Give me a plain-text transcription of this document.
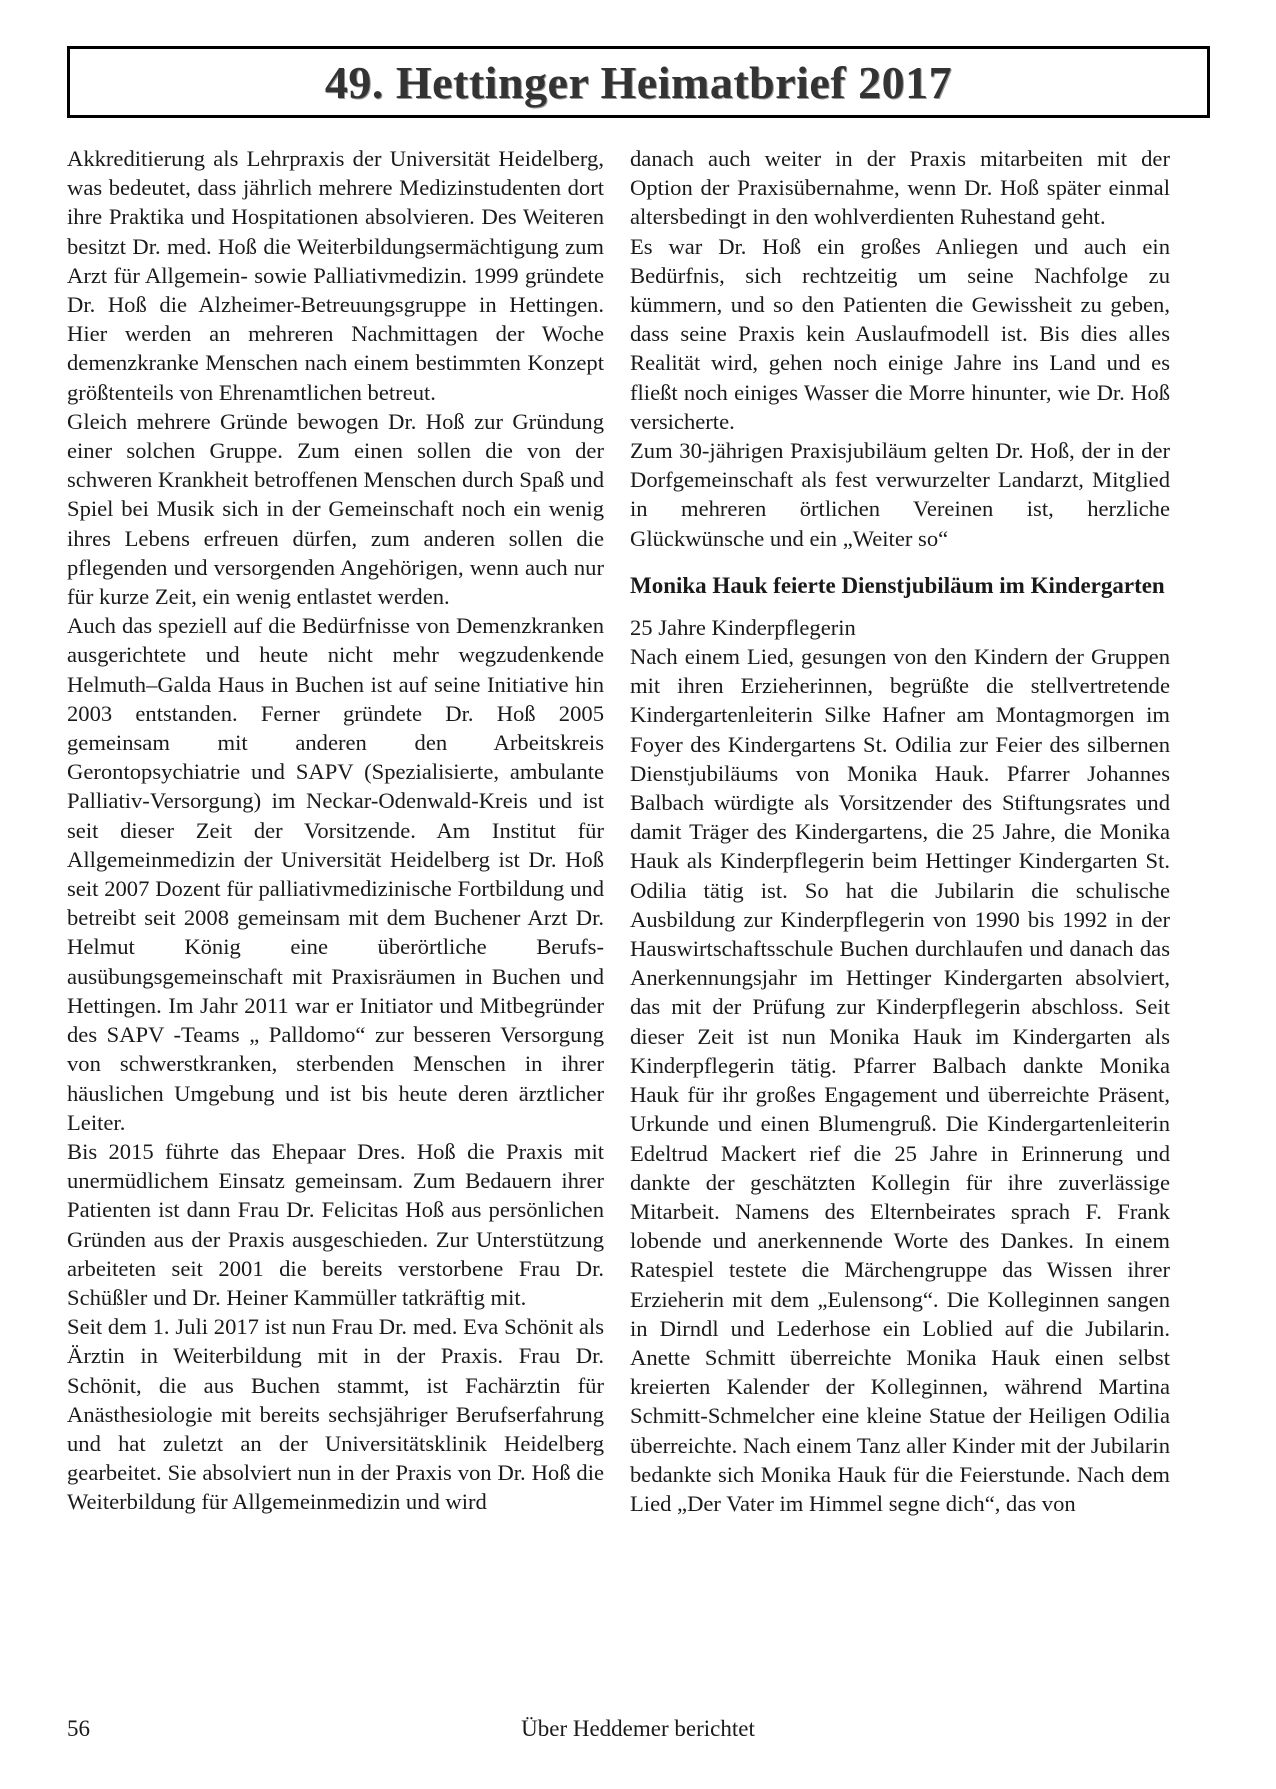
49. Hettinger Heimatbrief 2017

Akkreditierung als Lehrpraxis der Universität Heidelberg, was bedeutet, dass jährlich mehrere Medizinstudenten dort ihre Praktika und Hospitationen absolvieren. Des Weiteren besitzt Dr. med. Hoß die Weiterbildungsermächtigung zum Arzt für Allgemein- sowie Palliativmedizin. 1999 gründete Dr. Hoß die Alzheimer-Betreuungsgruppe in Hettingen. Hier werden an mehreren Nachmittagen der Woche demenzkranke Menschen nach einem bestimmten Konzept größtenteils von Ehrenamtlichen betreut.

Gleich mehrere Gründe bewogen Dr. Hoß zur Gründung einer solchen Gruppe. Zum einen sollen die von der schweren Krankheit betroffenen Menschen durch Spaß und Spiel bei Musik sich in der Gemeinschaft noch ein wenig ihres Lebens erfreuen dürfen, zum anderen sollen die pflegenden und versorgenden Angehörigen, wenn auch nur für kurze Zeit, ein wenig entlastet werden.

Auch das speziell auf die Bedürfnisse von Demenzkranken ausgerichtete und heute nicht mehr wegzudenkende Helmuth–Galda Haus in Buchen ist auf seine Initiative hin 2003 entstanden. Ferner gründete Dr. Hoß 2005 gemeinsam mit anderen den Arbeitskreis Gerontopsychiatrie und SAPV (Spezialisierte, ambulante Palliativ-Versorgung) im Neckar-Odenwald-Kreis und ist seit dieser Zeit der Vorsitzende. Am Institut für Allgemeinmedizin der Universität Heidelberg ist Dr. Hoß seit 2007 Dozent für palliativmedizinische Fortbildung und betreibt seit 2008 gemeinsam mit dem Buchener Arzt Dr. Helmut König eine überörtliche Berufsausübungsgemeinschaft mit Praxisräumen in Buchen und Hettingen. Im Jahr 2011 war er Initiator und Mitbegründer des SAPV -Teams „ Palldomo“ zur besseren Versorgung von schwerstkranken, sterbenden Menschen in ihrer häuslichen Umgebung und ist bis heute deren ärztlicher Leiter.

Bis 2015 führte das Ehepaar Dres. Hoß die Praxis mit unermüdlichem Einsatz gemeinsam. Zum Bedauern ihrer Patienten ist dann Frau Dr. Felicitas Hoß aus persönlichen Gründen aus der Praxis ausgeschieden. Zur Unterstützung arbeiteten seit 2001 die bereits verstorbene Frau Dr. Schüßler und Dr. Heiner Kammüller tatkräftig mit.

Seit dem 1. Juli 2017 ist nun Frau Dr. med. Eva Schönit als Ärztin in Weiterbildung mit in der Praxis. Frau Dr. Schönit, die aus Buchen stammt, ist Fachärztin für Anästhesiologie mit bereits sechsjähriger Berufserfahrung und hat zuletzt an der Universitätsklinik Heidelberg gearbeitet. Sie absolviert nun in der Praxis von Dr. Hoß die Weiterbildung für Allgemeinmedizin und wird

danach auch weiter in der Praxis mitarbeiten mit der Option der Praxisübernahme, wenn Dr. Hoß später einmal altersbedingt in den wohlverdienten Ruhestand geht.

Es war Dr. Hoß ein großes Anliegen und auch ein Bedürfnis, sich rechtzeitig um seine Nachfolge zu kümmern, und so den Patienten die Gewissheit zu geben, dass seine Praxis kein Auslaufmodell ist. Bis dies alles Realität wird, gehen noch einige Jahre ins Land und es fließt noch einiges Wasser die Morre hinunter, wie Dr. Hoß versicherte.

Zum 30-jährigen Praxisjubiläum gelten Dr. Hoß, der in der Dorfgemeinschaft als fest verwurzelter Landarzt, Mitglied in mehreren örtlichen Vereinen ist, herzliche Glückwünsche und ein „Weiter so“

Monika Hauk feierte Dienstjubiläum im Kindergarten

25 Jahre Kinderpflegerin

Nach einem Lied, gesungen von den Kindern der Gruppen mit ihren Erzieherinnen, begrüßte die stellvertretende Kindergartenleiterin Silke Hafner am Montagmorgen im Foyer des Kindergartens St. Odilia zur Feier des silbernen Dienstjubiläums von Monika Hauk. Pfarrer Johannes Balbach würdigte als Vorsitzender des Stiftungsrates und damit Träger des Kindergartens, die 25 Jahre, die Monika Hauk als Kinderpflegerin beim Hettinger Kindergarten St. Odilia tätig ist. So hat die Jubilarin die schulische Ausbildung zur Kinderpflegerin von 1990 bis 1992 in der Hauswirtschaftsschule Buchen durchlaufen und danach das Anerkennungsjahr im Hettinger Kindergarten absolviert, das mit der Prüfung zur Kinderpflegerin abschloss. Seit dieser Zeit ist nun Monika Hauk im Kindergarten als Kinderpflegerin tätig. Pfarrer Balbach dankte Monika Hauk für ihr großes Engagement und überreichte Präsent, Urkunde und einen Blumengruß. Die Kindergartenleiterin Edeltrud Mackert rief die 25 Jahre in Erinnerung und dankte der geschätzten Kollegin für ihre zuverlässige Mitarbeit. Namens des Elternbeirates sprach F. Frank lobende und anerkennende Worte des Dankes. In einem Ratespiel testete die Märchengruppe das Wissen ihrer Erzieherin mit dem „Eulensong“. Die Kolleginnen sangen in Dirndl und Lederhose ein Loblied auf die Jubilarin. Anette Schmitt überreichte Monika Hauk einen selbst kreierten Kalender der Kolleginnen, während Martina Schmitt-Schmelcher eine kleine Statue der Heiligen Odilia überreichte. Nach einem Tanz aller Kinder mit der Jubilarin bedankte sich Monika Hauk für die Feierstunde. Nach dem Lied „Der Vater im Himmel segne dich“, das von

56	Über Heddemer berichtet
